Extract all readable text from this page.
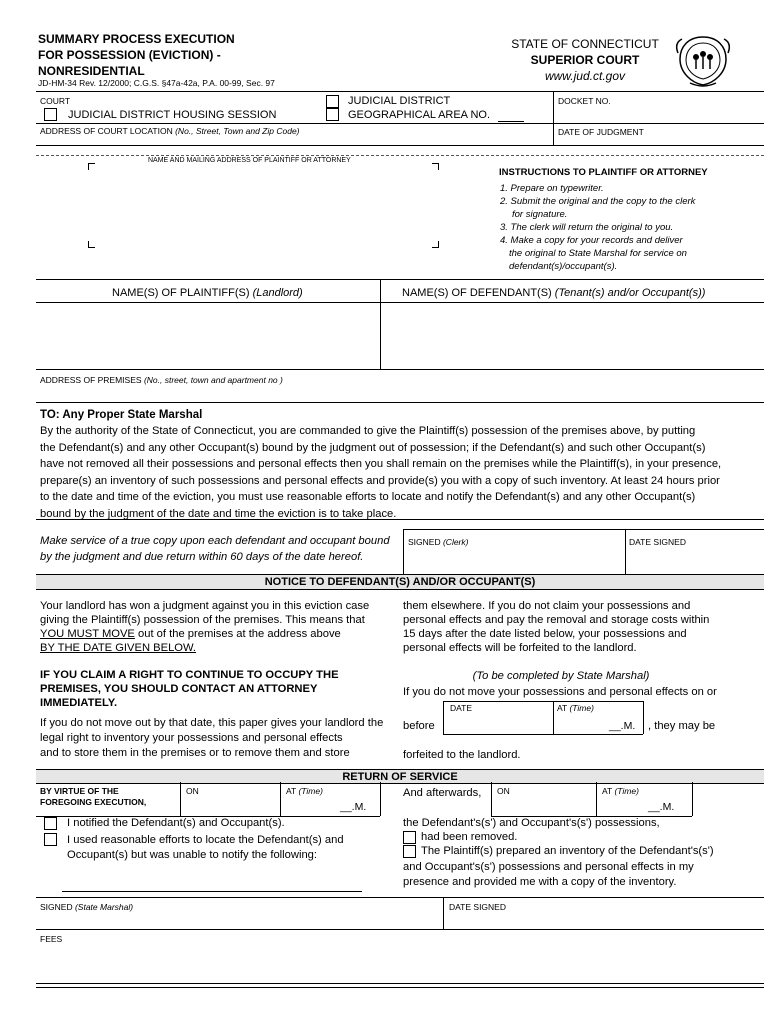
SUMMARY PROCESS EXECUTION
FOR POSSESSION (EVICTION) -
NONRESIDENTIAL
JD-HM-34 Rev. 12/2000; C.G.S. §47a-42a, P.A. 00-99, Sec. 97
STATE OF CONNECTICUT
SUPERIOR COURT
www.jud.ct.gov
COURT
JUDICIAL DISTRICT HOUSING SESSION
JUDICIAL DISTRICT
GEOGRAPHICAL AREA NO.
DOCKET NO.
ADDRESS OF COURT LOCATION (No., Street, Town and Zip Code)	DATE OF JUDGMENT
NAME AND MAILING ADDRESS OF PLAINTIFF OR ATTORNEY
INSTRUCTIONS TO PLAINTIFF OR ATTORNEY
1. Prepare on typewriter.
2. Submit the original and the copy to the clerk
for signature.
3. The clerk will return the original to you.
4. Make a copy for your records and deliver
the original to State Marshal for service on
defendant(s)/occupant(s).
NAME(S) OF PLAINTIFF(S) (Landlord)	NAME(S) OF DEFENDANT(S) (Tenant(s) and/or Occupant(s))
ADDRESS OF PREMISES (No., street, town and apartment no )
TO: Any Proper State Marshal
By the authority of the State of Connecticut, you are commanded to give the Plaintiff(s) possession of the premises above, by putting
the Defendant(s) and any other Occupant(s) bound by the judgment out of possession; if the Defendant(s) and such other Occupant(s)
have not removed all their possessions and personal effects then you shall remain on the premises while the Plaintiff(s), in your presence,
prepare(s) an inventory of such possessions and personal effects and provide(s) you with a copy of such inventory. At least 24 hours prior
to the date and time of the eviction, you must use reasonable efforts to locate and notify the Defendant(s) and any other Occupant(s)
bound by the judgment of the date and time the eviction is to take place.
Make service of a true copy upon each defendant and occupant bound
by the judgment and due return within 60 days of the date hereof.
SIGNED (Clerk)	DATE SIGNED
NOTICE TO DEFENDANT(S) AND/OR OCCUPANT(S)
Your landlord has won a judgment against you in this eviction case
giving the Plaintiff(s) possession of the premises. This means that
YOU MUST MOVE out of the premises at the address above
BY THE DATE GIVEN BELOW.
IF YOU CLAIM A RIGHT TO CONTINUE TO OCCUPY THE
PREMISES, YOU SHOULD CONTACT AN ATTORNEY
IMMEDIATELY.
If you do not move out by that date, this paper gives your landlord the
legal right to inventory your possessions and personal effects
and to store them in the premises or to remove them and store
them elsewhere. If you do not claim your possessions and
personal effects and pay the removal and storage costs within
15 days after the date listed below, your possessions and
personal effects will be forfeited to the landlord.
(To be completed by State Marshal)
If you do not move your possessions and personal effects on or
DATE	AT (Time)
__.M.
before	, they may be
forfeited to the landlord.
RETURN OF SERVICE
BY VIRTUE OF THE
FOREGOING EXECUTION,
ON	AT (Time)
__.M.
And afterwards, ON	AT (Time)
__.M.
I notified the Defendant(s) and Occupant(s).
I used reasonable efforts to locate the Defendant(s) and
Occupant(s) but was unable to notify the following:
the Defendant's(s') and Occupant's(s') possessions,
had been removed.
The Plaintiff(s) prepared an inventory of the Defendant's(s')
and Occupant's(s') possessions and personal effects in my
presence and provided me with a copy of the inventory.
SIGNED (State Marshal)	DATE SIGNED
FEES
